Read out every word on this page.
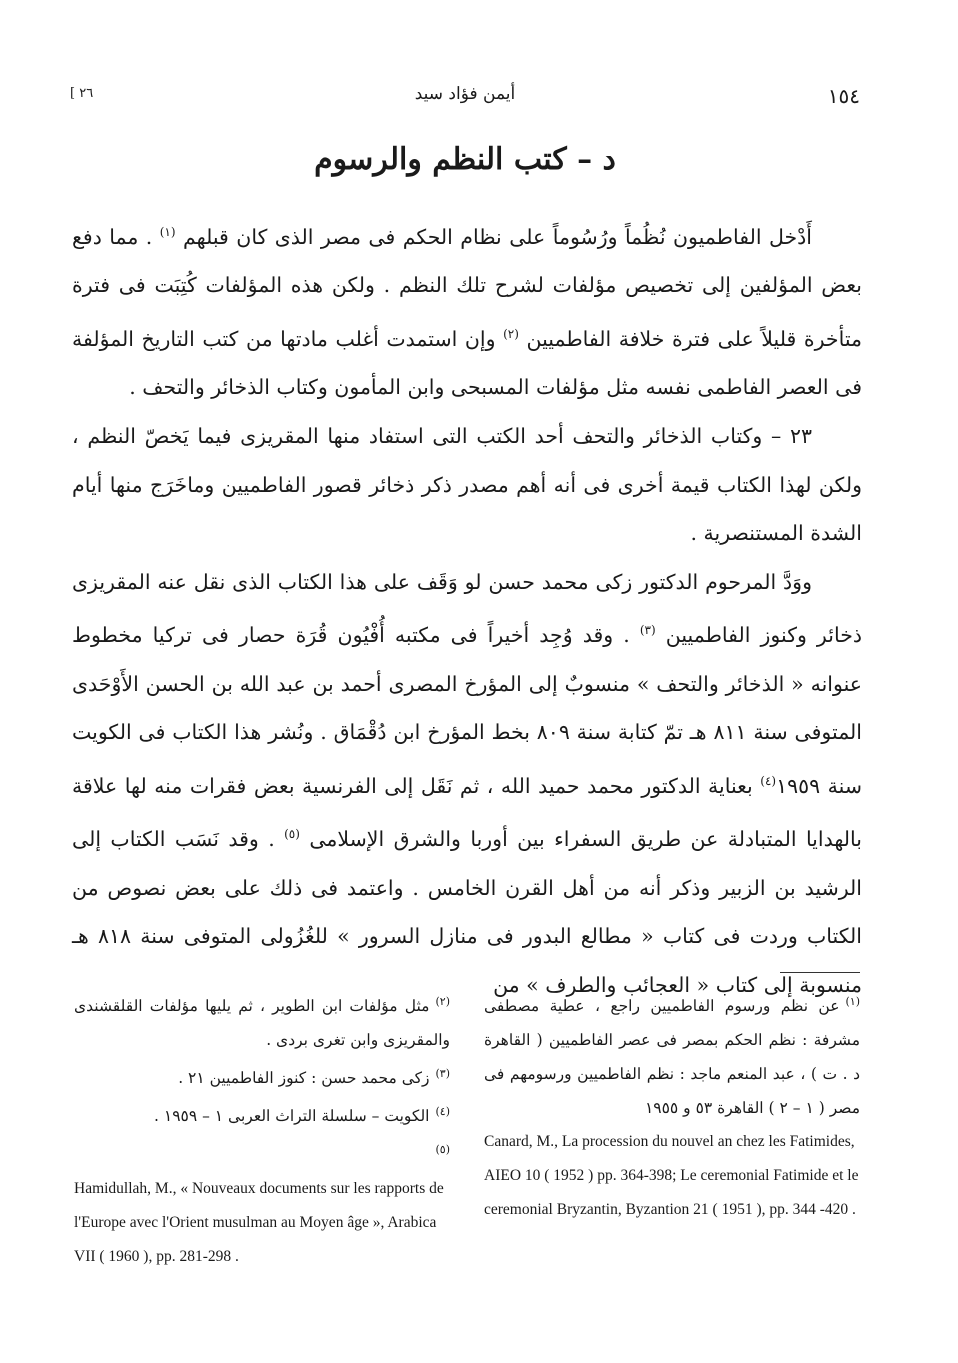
١٥٤
أيمن فؤاد سيد
[ ٢٦
د – كتب النظم والرسوم

أَدْخل الفاطميون نُظُماً ورُسُوماً على نظام الحكم فى مصر الذى كان قبلهم $^{(١)}$ . مما دفع بعض المؤلفين إلى تخصيص مؤلفات لشرح تلك النظم . ولكن هذه المؤلفات كُتِبَت فى فترة متأخرة قليلاً على فترة خلافة الفاطميين $^{(٢)}$ وإن استمدت أغلب مادتها من كتب التاريخ المؤلفة فى العصر الفاطمى نفسه مثل مؤلفات المسبحى وابن المأمون وكتاب الذخائر والتحف .

٢٣ – وكتاب الذخائر والتحف أحد الكتب التى استفاد منها المقريزى فيما يَخصّ النظم ، ولكن لهذا الكتاب قيمة أخرى فى أنه أهم مصدر ذكر ذخائر قصور الفاطميين وماخَرَج منها أيام الشدة المستنصرية .

ووَدَّ المرحوم الدكتور زكى محمد حسن لو وَقَف على هذا الكتاب الذى نقل عنه المقريزى ذخائر وكنوز الفاطميين $^{(٣)}$ . وقد وُجِد أخيراً فى مكتبه أُفْيُون قُرَة حصار فى تركيا مخطوط عنوانه « الذخائر والتحف » منسوبٌ إلى المؤرخ المصرى أحمد بن عبد الله بن الحسن الأَوْحَدى المتوفى سنة ٨١١ هـ تمّ كتابة سنة ٨٠٩ بخط المؤرخ ابن دُقْمَاق . ونُشر هذا الكتاب فى الكويت سنة ١٩٥٩$^{(٤)}$ بعناية الدكتور محمد حميد الله ، ثم نَقَل إلى الفرنسية بعض فقرات منه لها علاقة بالهدايا المتبادلة عن طريق السفراء بين أوربا والشرق الإسلامى $^{(٥)}$ . وقد نَسَب الكتاب إلى الرشيد بن الزبير وذكر أنه من أهل القرن الخامس . واعتمد فى ذلك على بعض نصوص من الكتاب وردت فى كتاب « مطالع البدور فى منازل السرور » للغُزُولى المتوفى سنة ٨١٨ هـ منسوبة إلى كتاب « العجائب والطرف » من

$^{(١)}$عن نظم ورسوم الفاطميين راجع ، عطية مصطفى مشرفة : نظم الحكم بمصر فى عصر الفاطميين ( القاهرة د . ت ) ، عبد المنعم ماجد : نظم الفاطميين ورسومهم فى مصر ( ١ – ٢ ) القاهرة ٥٣ و ١٩٥٥

Canard, M., La procession du nouvel an chez les Fatimides, AIEO 10 ( 1952 ) pp. 364-398; Le ceremonial Fatimide et le ceremonial Bryzantin, Byzantion 21 ( 1951 ), pp. 344 -420 .

$^{(٢)}$مثل مؤلفات ابن الطوير ، ثم يليها مؤلفات القلقشندى والمقريزى وابن تغرى بردى .

$^{(٣)}$زكى محمد حسن : كنوز الفاطميين ٢١ .

$^{(٤)}$الكويت – سلسلة التراث العربى ١ – ١٩٥٩ .

$^{(٥)}$

Hamidullah, M., « Nouveaux documents sur les rapports de l'Europe avec l'Orient musulman au Moyen âge », Arabica VII ( 1960 ), pp. 281-298 .
